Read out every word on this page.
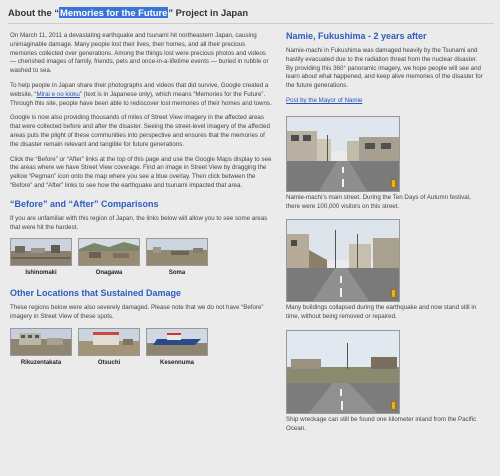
About the “Memories for the Future” Project in Japan

On March 11, 2011 a devastating earthquake and tsunami hit northeastern Japan, causing unimaginable damage. Many people lost their lives, their homes, and all their precious memories collected over generations. Among the things lost were precious photos and videos — cherished images of family, friends, pets and once-in-a-lifetime events — buried in rubble or washed to sea.

To help people in Japan share their photographs and videos that did survive, Google created a website, “Mirai e no kioku” (text is in Japanese only), which means “Memories for the Future”. Through this site, people have been able to rediscover lost memories of their homes and towns.

Google is now also providing thousands of miles of Street View imagery in the affected areas that were collected before and after the disaster. Seeing the street-level imagery of the affected areas puts the plight of these communities into perspective and ensures that the memories of the disaster remain relevant and tangible for future generations.

Click the “Before” or “After” links at the top of this page and use the Google Maps display to see the areas where we have Street View coverage. Find an image in Street View by dragging the yellow “Pegman” icon onto the map where you see a blue overlay. Then click between the “Before” and “After” links to see how the earthquake and tsunami impacted that area.

“Before” and “After” Comparisons

If you are unfamiliar with this region of Japan, the links below will allow you to see some areas that were hit the hardest.

Ishinomaki	Onagawa	Soma
Other Locations that Sustained Damage

These regions below were also severely damaged. Please note that we do not have “Before” imagery in Street View of these spots.

Rikuzentakata	Otsuchi	Kesennuma
Namie, Fukushima - 2 years after

Namie-machi in Fukushima was damaged heavily by the Tsunami and hastily evacuated due to the radiation threat from the nuclear disaster. By providing this 360° panoramic imagery, we hope people will see and learn about what happened, and keep alive memories of the disaster for the future generations.

Post by the Mayor of Namie
Namie-machi’s main street. During the Ten Days of Autumn festival, there were 100,000 visitors on this street.
Many buildings collapsed during the earthquake and now stand still in time, without being removed or repaired.
Ship wreckage can still be found one kilometer inland from the Pacific Ocean.
